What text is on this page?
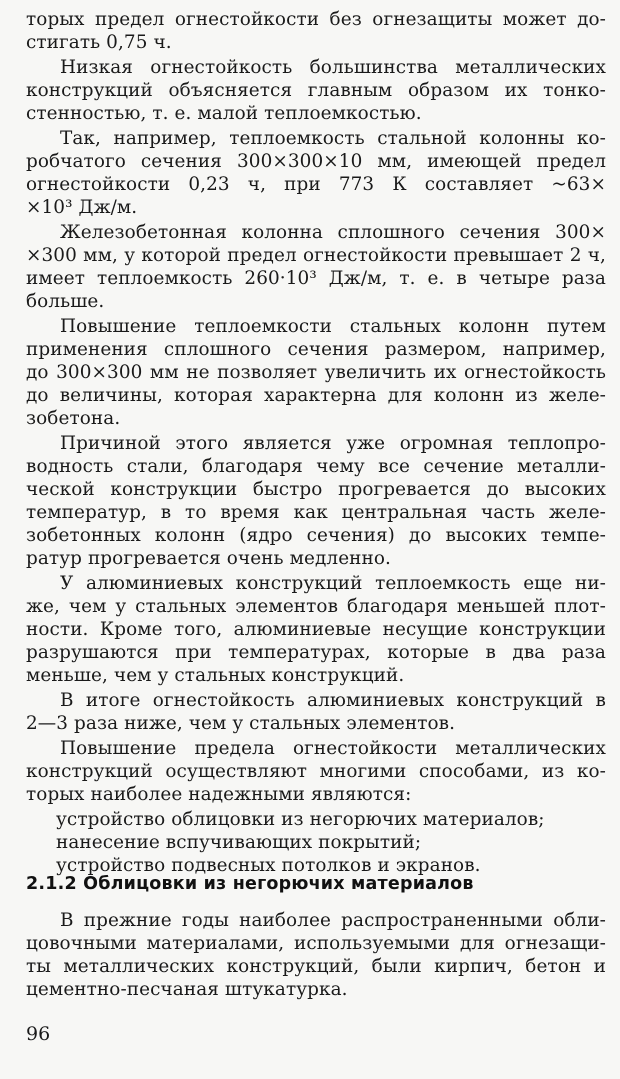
торых предел огнестойкости без огнезащиты может до-
стигать 0,75 ч.
Низкая огнестойкость большинства металлических
конструкций объясняется главным образом их тонко-
стенностью, т. е. малой теплоемкостью.
Так, например, теплоемкость стальной колонны ко-
робчатого сечения 300×300×10 мм, имеющей предел
огнестойкости 0,23 ч, при 773 К составляет ~63×
×10³ Дж/м.
Железобетонная колонна сплошного сечения 300×
×300 мм, у которой предел огнестойкости превышает 2 ч,
имеет теплоемкость 260·10³ Дж/м, т. е. в четыре раза
больше.
Повышение теплоемкости стальных колонн путем
применения сплошного сечения размером, например,
до 300×300 мм не позволяет увеличить их огнестойкость
до величины, которая характерна для колонн из желе-
зобетона.
Причиной этого является уже огромная теплопро-
водность стали, благодаря чему все сечение металли-
ческой конструкции быстро прогревается до высоких
температур, в то время как центральная часть желе-
зобетонных колонн (ядро сечения) до высоких темпе-
ратур прогревается очень медленно.
У алюминиевых конструкций теплоемкость еще ни-
же, чем у стальных элементов благодаря меньшей плот-
ности. Кроме того, алюминиевые несущие конструкции
разрушаются при температурах, которые в два раза
меньше, чем у стальных конструкций.
В итоге огнестойкость алюминиевых конструкций в
2—3 раза ниже, чем у стальных элементов.
Повышение предела огнестойкости металлических
конструкций осуществляют многими способами, из ко-
торых наиболее надежными являются:
устройство облицовки из негорючих материалов;
нанесение вспучивающих покрытий;
устройство подвесных потолков и экранов.
2.1.2 Облицовки из негорючих материалов
В прежние годы наиболее распространенными обли-
цовочными материалами, используемыми для огнезащи-
ты металлических конструкций, были кирпич, бетон и
цементно-песчаная штукатурка.
96
